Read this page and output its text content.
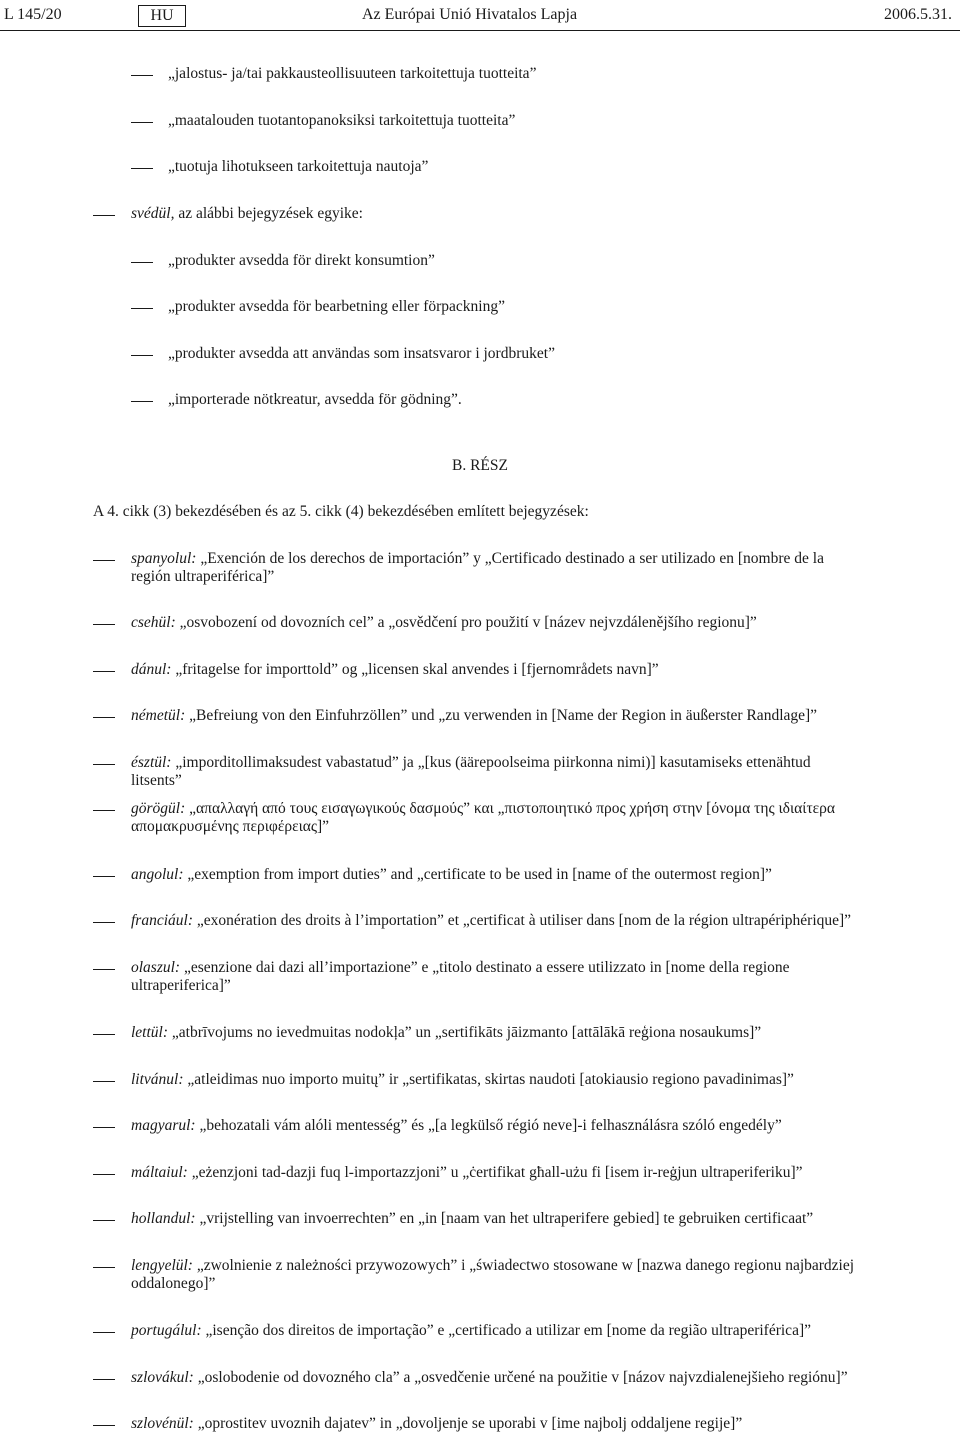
L 145/20	HU	Az Európai Unió Hivatalos Lapja	2006.5.31.
„jalostus- ja/tai pakkausteollisuuteen tarkoitettuja tuotteita”
„maatalouden tuotantopanoksiksi tarkoitettuja tuotteita”
„tuotuja lihotukseen tarkoitettuja nautoja”
svédül, az alábbi bejegyzések egyike:
„produkter avsedda för direkt konsumtion”
„produkter avsedda för bearbetning eller förpackning”
„produkter avsedda att användas som insatsvaror i jordbruket”
„importerade nötkreatur, avsedda för gödning”.
B. RÉSZ
A 4. cikk (3) bekezdésében és az 5. cikk (4) bekezdésében említett bejegyzések:
spanyolul: „Exención de los derechos de importación” y „Certificado destinado a ser utilizado en [nombre de la región ultraperiférica]”
csehül: „osvobození od dovozních cel” a „osvědčení pro použití v [název nejvzdálenějšího regionu]”
dánul: „fritagelse for importtold” og „licensen skal anvendes i [fjernområdets navn]”
németül: „Befreiung von den Einfuhrzöllen” und „zu verwenden in [Name der Region in äußerster Randlage]”
észtül: „imporditollimaksudest vabastatud” ja „[kus (äärepoolseima piirkonna nimi)] kasutamiseks ettenähtud litsents”
görögül: „απαλλαγή από τους εισαγωγικούς δασμούς” και „πιστοποιητικό προς χρήση στην [όνομα της ιδιαίτερα απομακρυσμένης περιφέρειας]”
angolul: „exemption from import duties” and „certificate to be used in [name of the outermost region]”
franciául: „exonération des droits à l’importation” et „certificat à utiliser dans [nom de la région ultrapériphérique]”
olaszul: „esenzione dai dazi all’importazione” e „titolo destinato a essere utilizzato in [nome della regione ultraperiferica]”
lettül: „atbrīvojums no ievedmuitas nodokļa” un „sertifikāts jāizmanto [attālākā reģiona nosaukums]”
litvánul: „atleidimas nuo importo muitų” ir „sertifikatas, skirtas naudoti [atokiausio regiono pavadinimas]”
magyarul: „behozatali vám alóli mentesség” és „[a legkülső régió neve]-i felhasználásra szóló engedély”
máltaiul: „eżenzjoni tad-dazji fuq l-importazzjoni” u „ċertifikat għall-użu fi [isem ir-reġjun ultraperiferiku]”
hollandul: „vrijstelling van invoerrechten” en „in [naam van het ultraperifere gebied] te gebruiken certificaat”
lengyelül: „zwolnienie z należności przywozowych” i „świadectwo stosowane w [nazwa danego regionu najbardziej oddalonego]”
portugálul: „isenção dos direitos de importação” e „certificado a utilizar em [nome da região ultraperiférica]”
szlovákul: „oslobodenie od dovozného cla” a „osvedčenie určené na použitie v [názov najvzdialenejšieho regiónu]”
szlovénül: „oprostitev uvoznih dajatev” in „dovoljenje se uporabi v [ime najbolj oddaljene regije]”
